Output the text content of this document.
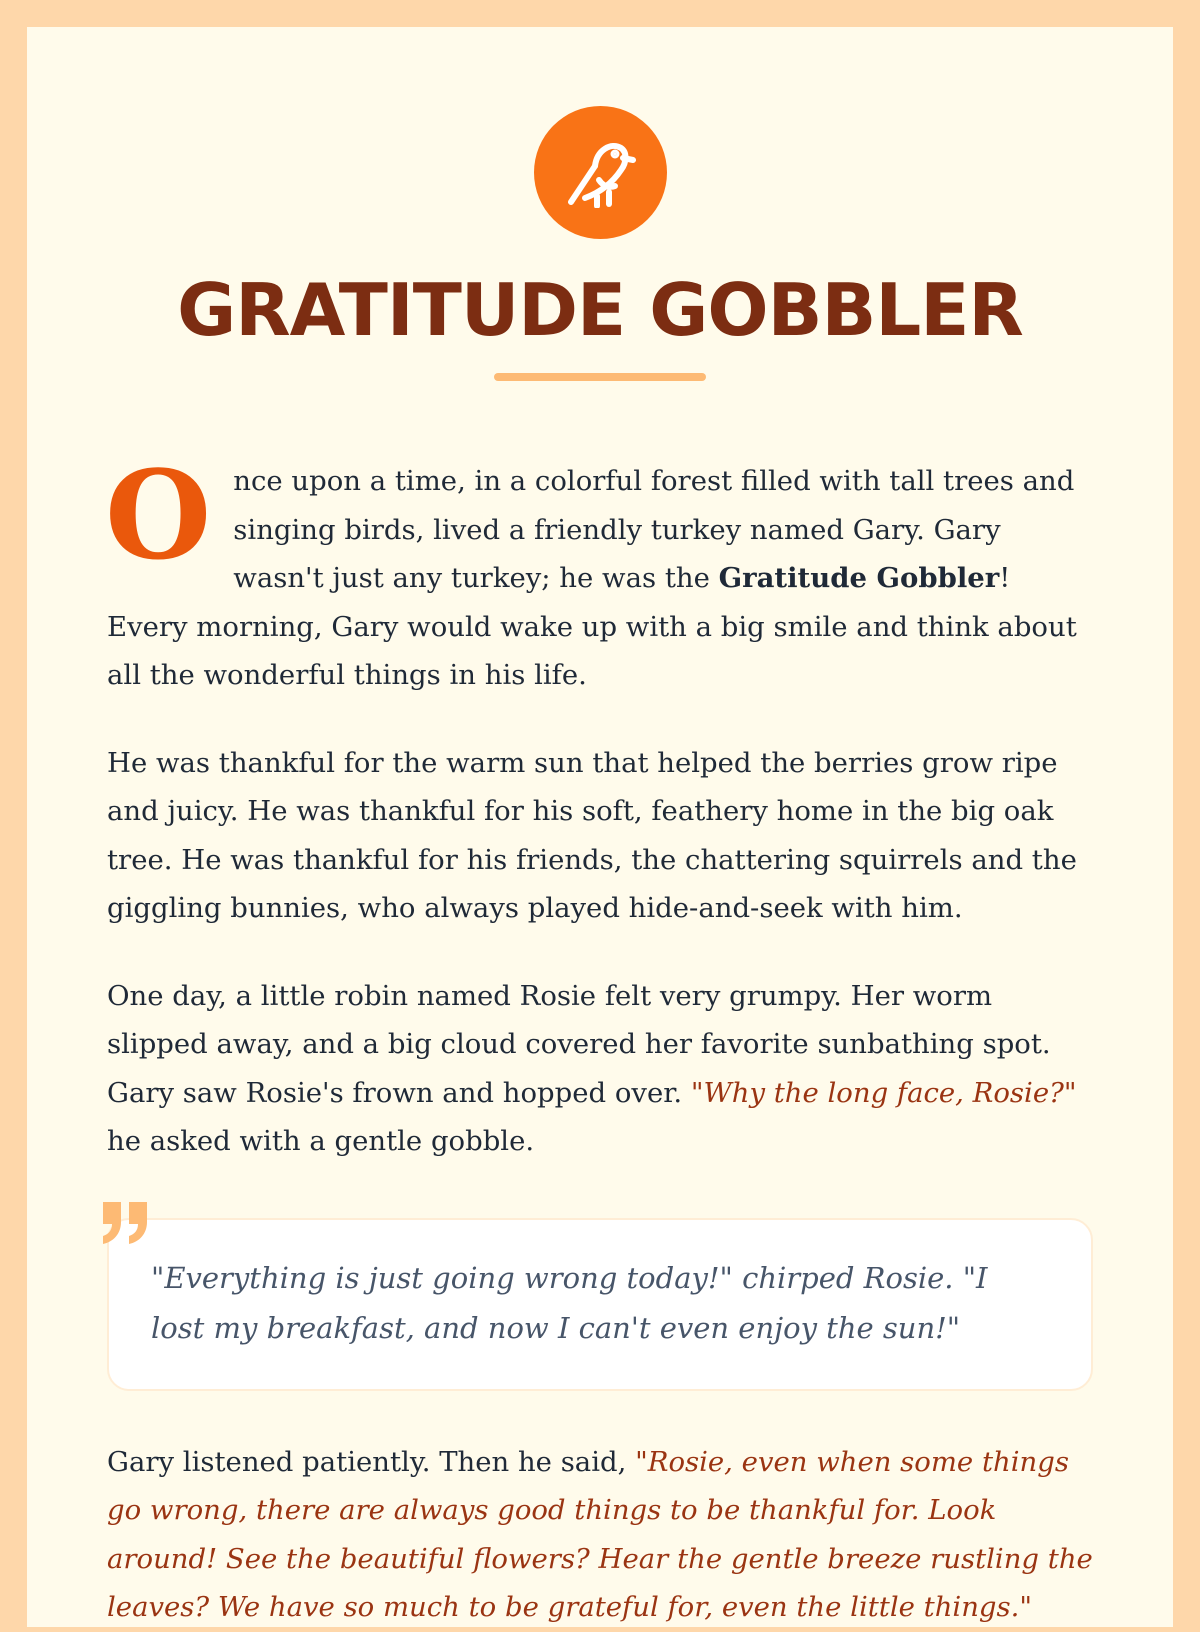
GRATITUDE GOBBLER

Once upon a time, in a colorful forest filled with tall trees and singing birds, lived a friendly turkey named Gary. Gary wasn't just any turkey; he was the Gratitude Gobbler! Every morning, Gary would wake up with a big smile and think about all the wonderful things in his life.

He was thankful for the warm sun that helped the berries grow ripe and juicy. He was thankful for his soft, feathery home in the big oak tree. He was thankful for his friends, the chattering squirrels and the giggling bunnies, who always played hide-and-seek with him.

One day, a little robin named Rosie felt very grumpy. Her worm slipped away, and a big cloud covered her favorite sunbathing spot. Gary saw Rosie's frown and hopped over. "Why the long face, Rosie?" he asked with a gentle gobble.

"Everything is just going wrong today!" chirped Rosie. "I lost my breakfast, and now I can't even enjoy the sun!"

Gary listened patiently. Then he said, "Rosie, even when some things go wrong, there are always good things to be thankful for. Look around! See the beautiful flowers? Hear the gentle breeze rustling the leaves? We have so much to be grateful for, even the little things."
